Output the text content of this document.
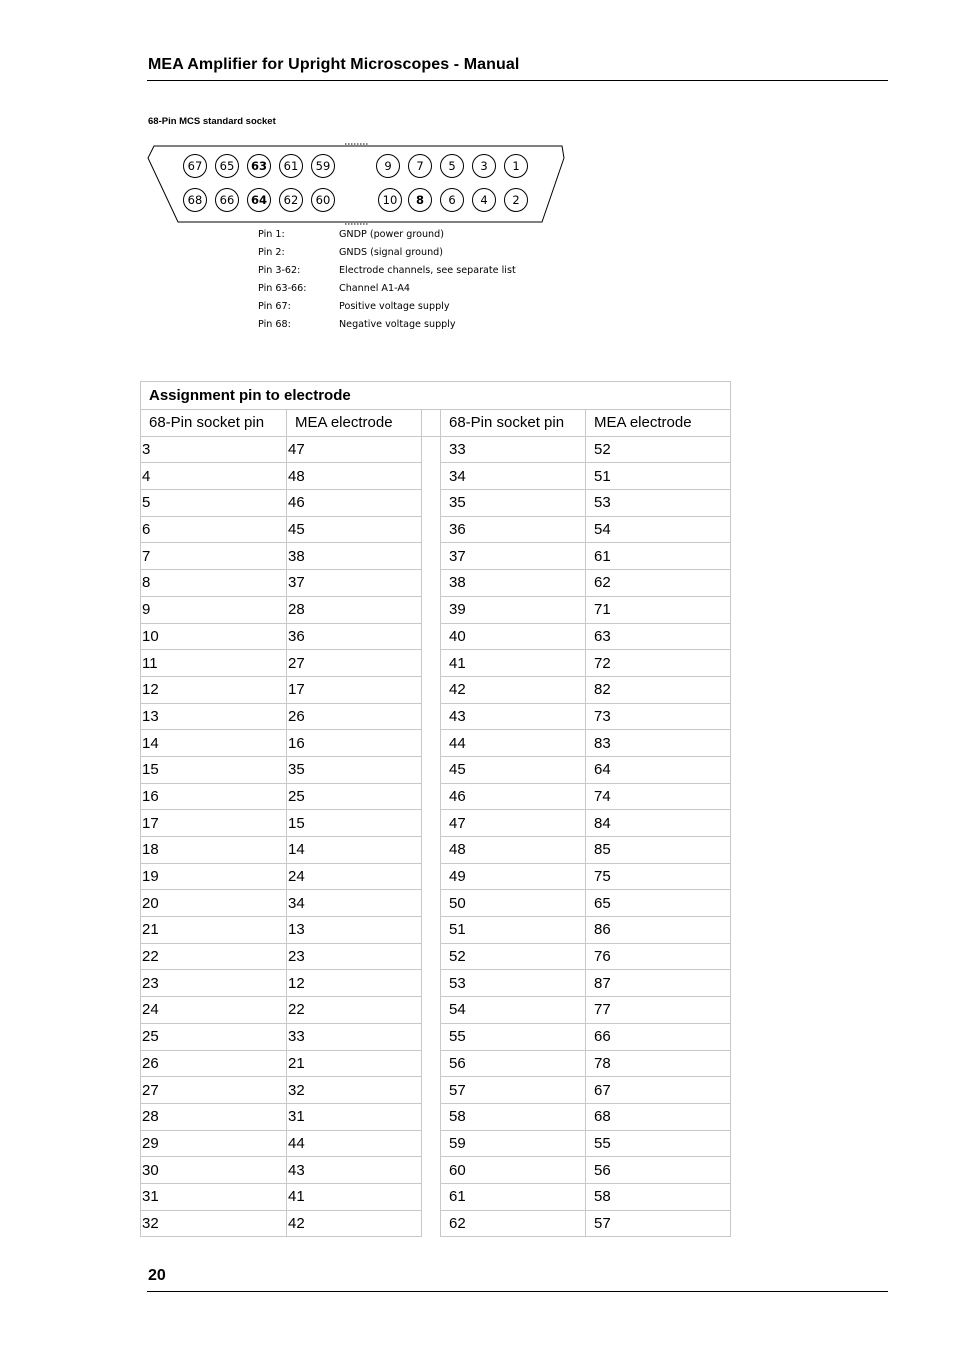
MEA Amplifier for Upright Microscopes - Manual
68-Pin MCS standard socket
67 65 63 61 59	9 7 5 3 1
68 66 64 62 60	10 8 6 4 2
Pin 1:	GNDP (power ground)
Pin 2:	GNDS (signal ground)
Pin 3-62:	Electrode channels, see separate list
Pin 63-66:	Channel A1-A4
Pin 67:	Positive voltage supply
Pin 68:	Negative voltage supply
Assignment pin to electrode				
68-Pin socket pin	MEA electrode		68-Pin socket pin	MEA electrode
3	47		33	52
4	48		34	51
5	46		35	53
6	45		36	54
7	38		37	61
8	37		38	62
9	28		39	71
10	36		40	63
11	27		41	72
12	17		42	82
13	26		43	73
14	16		44	83
15	35		45	64
16	25		46	74
17	15		47	84
18	14		48	85
19	24		49	75
20	34		50	65
21	13		51	86
22	23		52	76
23	12		53	87
24	22		54	77
25	33		55	66
26	21		56	78
27	32		57	67
28	31		58	68
29	44		59	55
30	43		60	56
31	41		61	58
32	42		62	57
20
